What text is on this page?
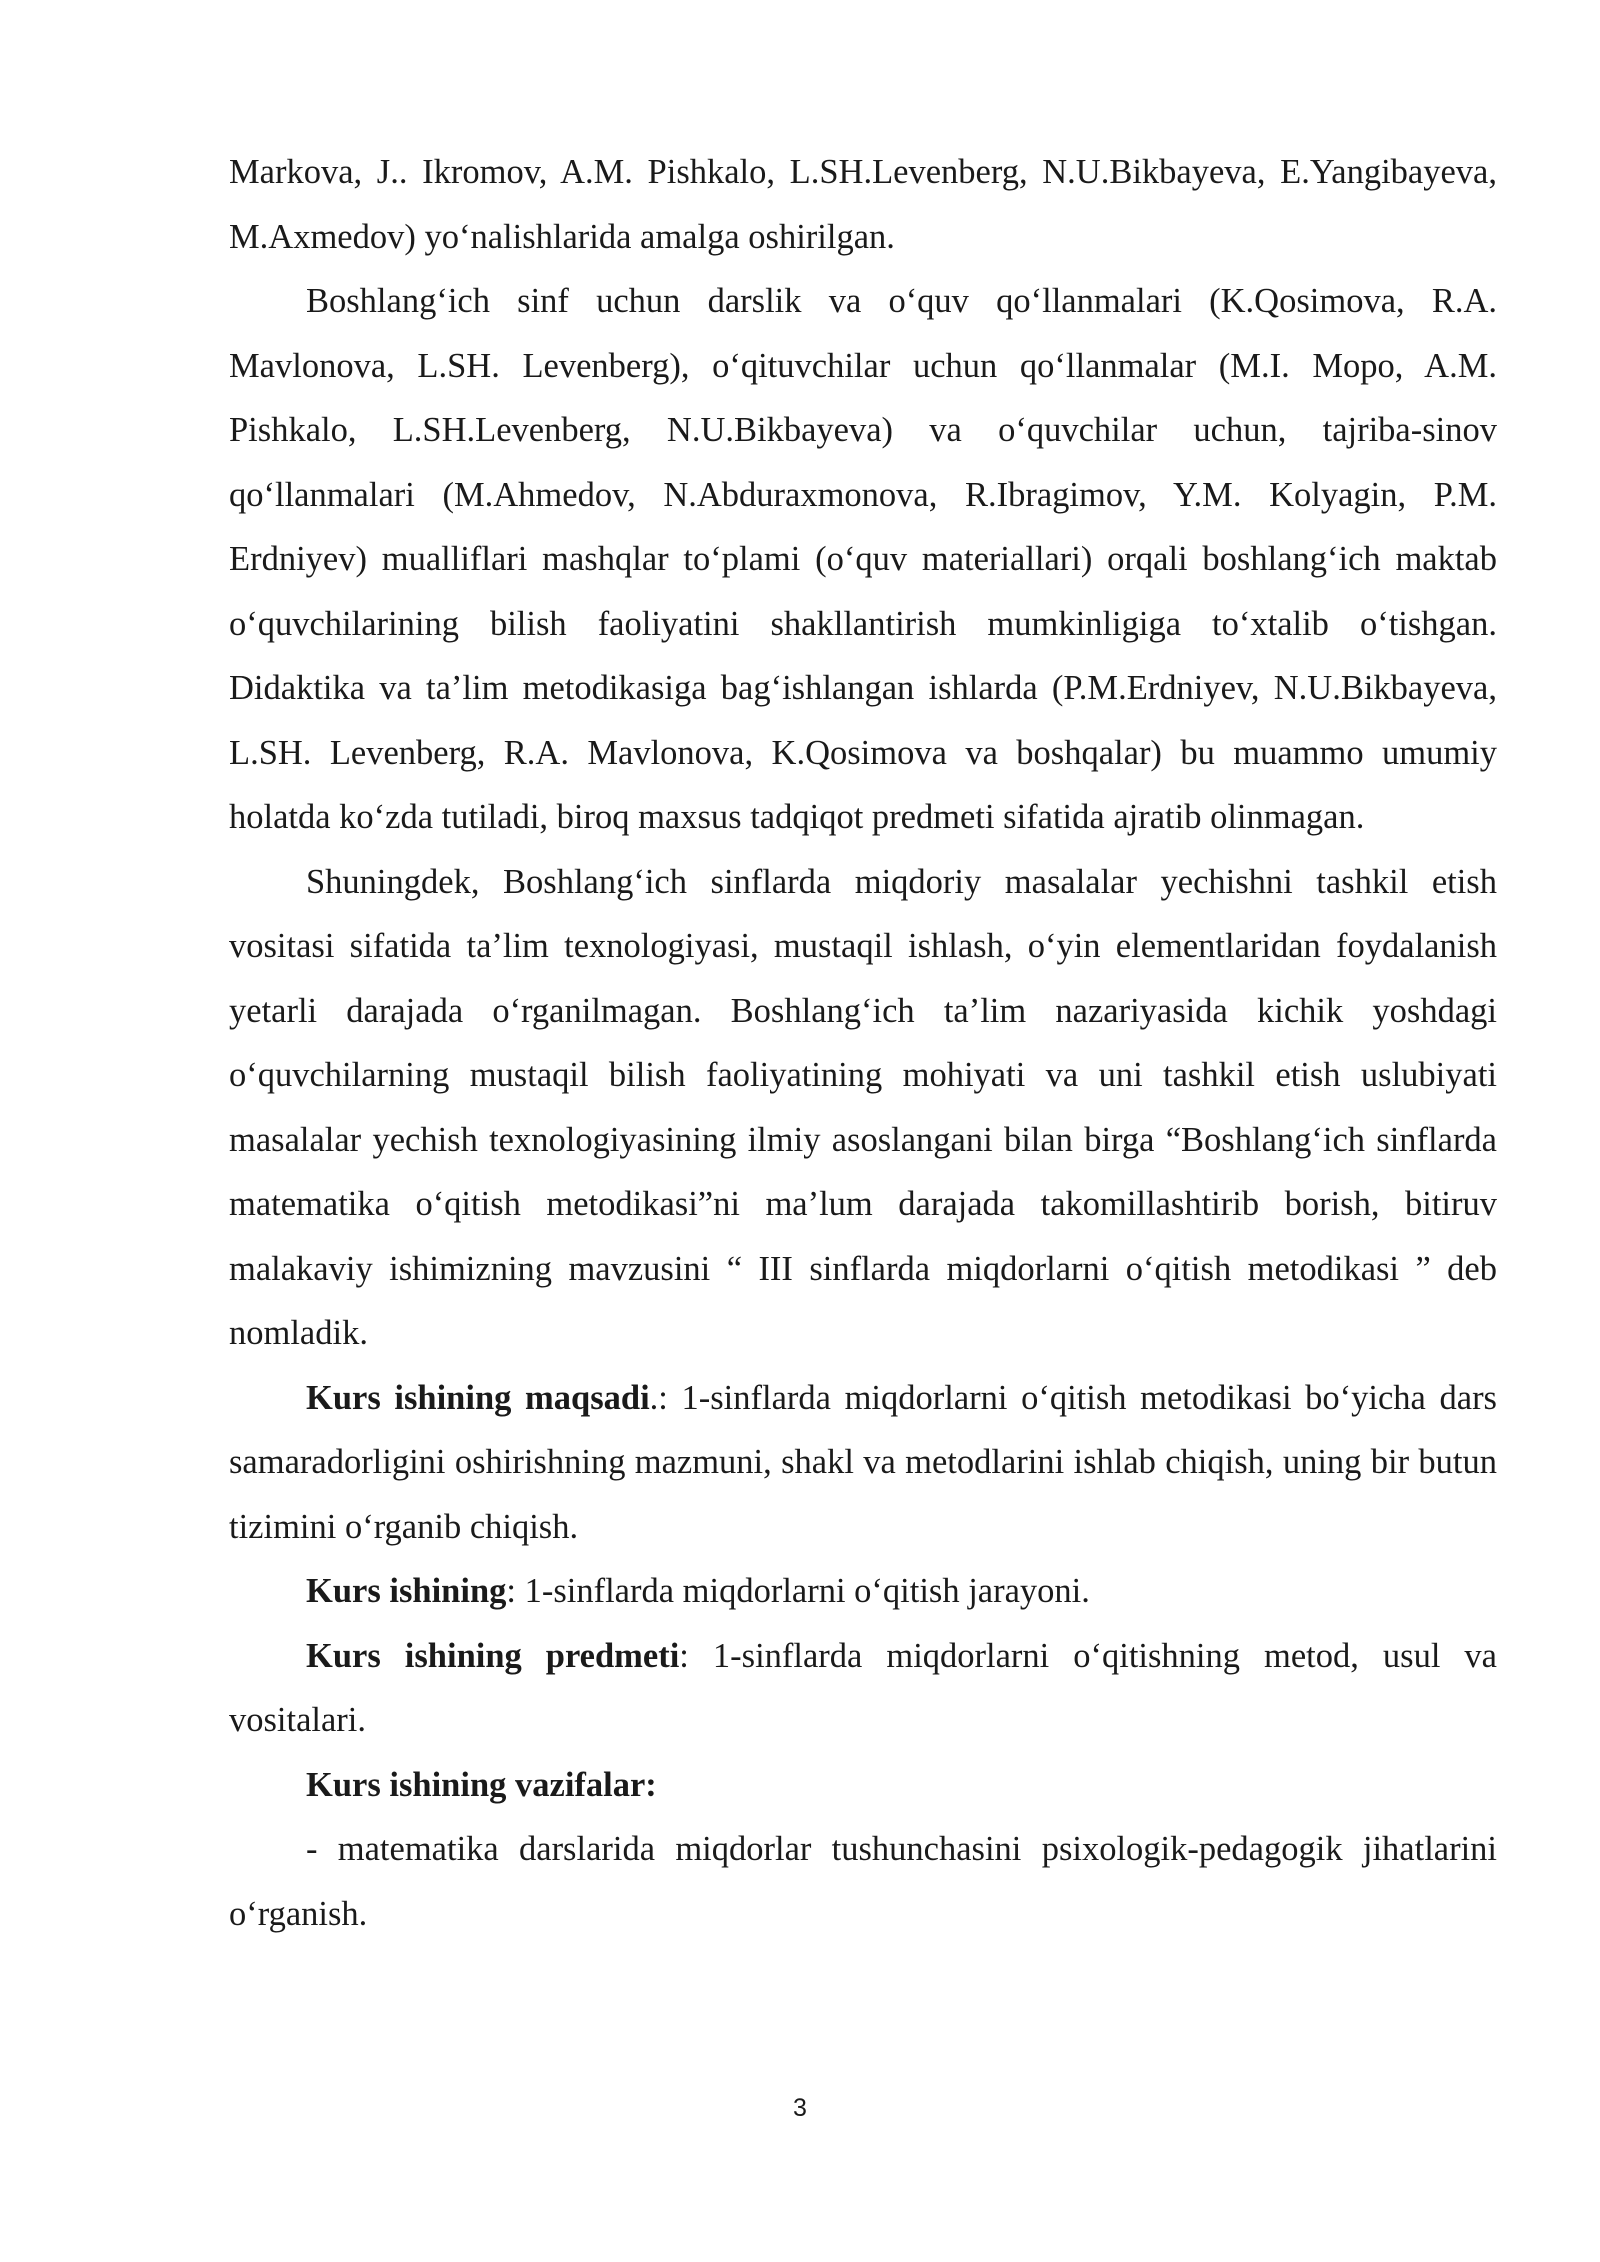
Markova, J.. Ikromov, A.M. Pishkalo, L.SH.Levenberg, N.U.Bikbayeva, E.Yangibayeva, M.Axmedov) yo‘nalishlarida amalga oshirilgan.

Boshlang‘ich sinf uchun darslik va o‘quv qo‘llanmalari (K.Qosimova, R.A. Mavlonova, L.SH. Levenberg), o‘qituvchilar uchun qo‘llanmalar (M.I. Mopo, A.M. Pishkalo, L.SH.Levenberg, N.U.Bikbayeva) va o‘quvchilar uchun, tajriba-sinov qo‘llanmalari (M.Ahmedov, N.Abduraxmonova, R.Ibragimov, Y.M. Kolyagin, P.M. Erdniyev) mualliflari mashqlar to‘plami (o‘quv materiallari) orqali boshlang‘ich maktab o‘quvchilarining bilish faoliyatini shakllantirish mumkinligiga to‘xtalib o‘tishgan. Didaktika va ta’lim metodikasiga bag‘ishlangan ishlarda (P.M.Erdniyev, N.U.Bikbayeva, L.SH. Levenberg, R.A. Mavlonova, K.Qosimova va boshqalar) bu muammo umumiy holatda ko‘zda tutiladi, biroq maxsus tadqiqot predmeti sifatida ajratib olinmagan.

Shuningdek, Boshlang‘ich sinflarda miqdoriy masalalar yechishni tashkil etish vositasi sifatida ta’lim texnologiyasi, mustaqil ishlash, o‘yin elementlaridan foydalanish yetarli darajada o‘rganilmagan. Boshlang‘ich ta’lim nazariyasida kichik yoshdagi o‘quvchilarning mustaqil bilish faoliyatining mohiyati va uni tashkil etish uslubiyati masalalar yechish texnologiyasining ilmiy asoslangani bilan birga “Boshlang‘ich sinflarda matematika o‘qitish metodikasi”ni ma’lum darajada takomillashtirib borish, bitiruv malakaviy ishimizning mavzusini “ III sinflarda miqdorlarni o‘qitish metodikasi ” deb nomladik.

Kurs ishining maqsadi.: 1-sinflarda miqdorlarni o‘qitish metodikasi bo‘yicha dars samaradorligini oshirishning mazmuni, shakl va metodlarini ishlab chiqish, uning bir butun tizimini o‘rganib chiqish.

Kurs ishining: 1-sinflarda miqdorlarni o‘qitish jarayoni.

Kurs ishining predmeti: 1-sinflarda miqdorlarni o‘qitishning metod, usul va vositalari.

Kurs ishining vazifalar:

- matematika darslarida miqdorlar tushunchasini psixologik-pedagogik jihatlarini o‘rganish.

3
